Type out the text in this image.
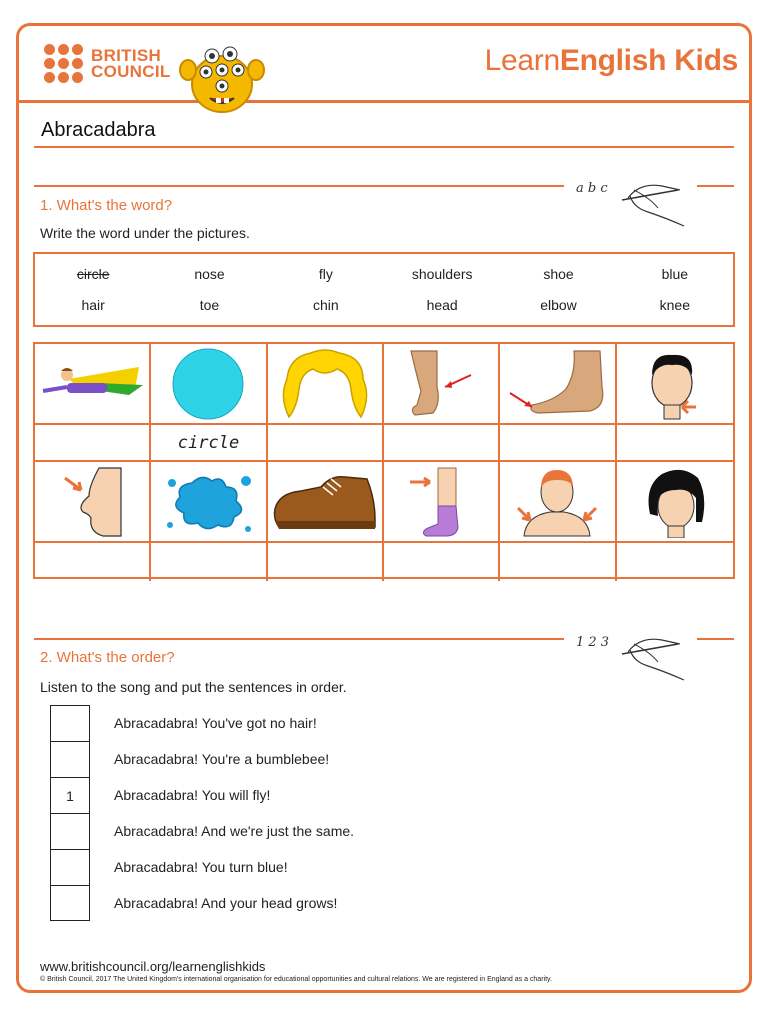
BRITISH
COUNCIL	LearnEnglish Kids
Abracadabra
a b c
1. What's the word?
Write the word under the pictures.
circle	nose	fly	shoulders	shoe	blue
hair	toe	chin	head	elbow	knee
circle
1 2 3
2. What's the order?
Listen to the song and put the sentences in order.
Abracadabra! You've got no hair!
Abracadabra! You're a bumblebee!
1	Abracadabra! You will fly!
Abracadabra! And we're just the same.
Abracadabra! You turn blue!
Abracadabra! And your head grows!
www.britishcouncil.org/learnenglishkids
© British Council, 2017 The United Kingdom's international organisation for educational opportunities and cultural relations. We are registered in England as a charity.
